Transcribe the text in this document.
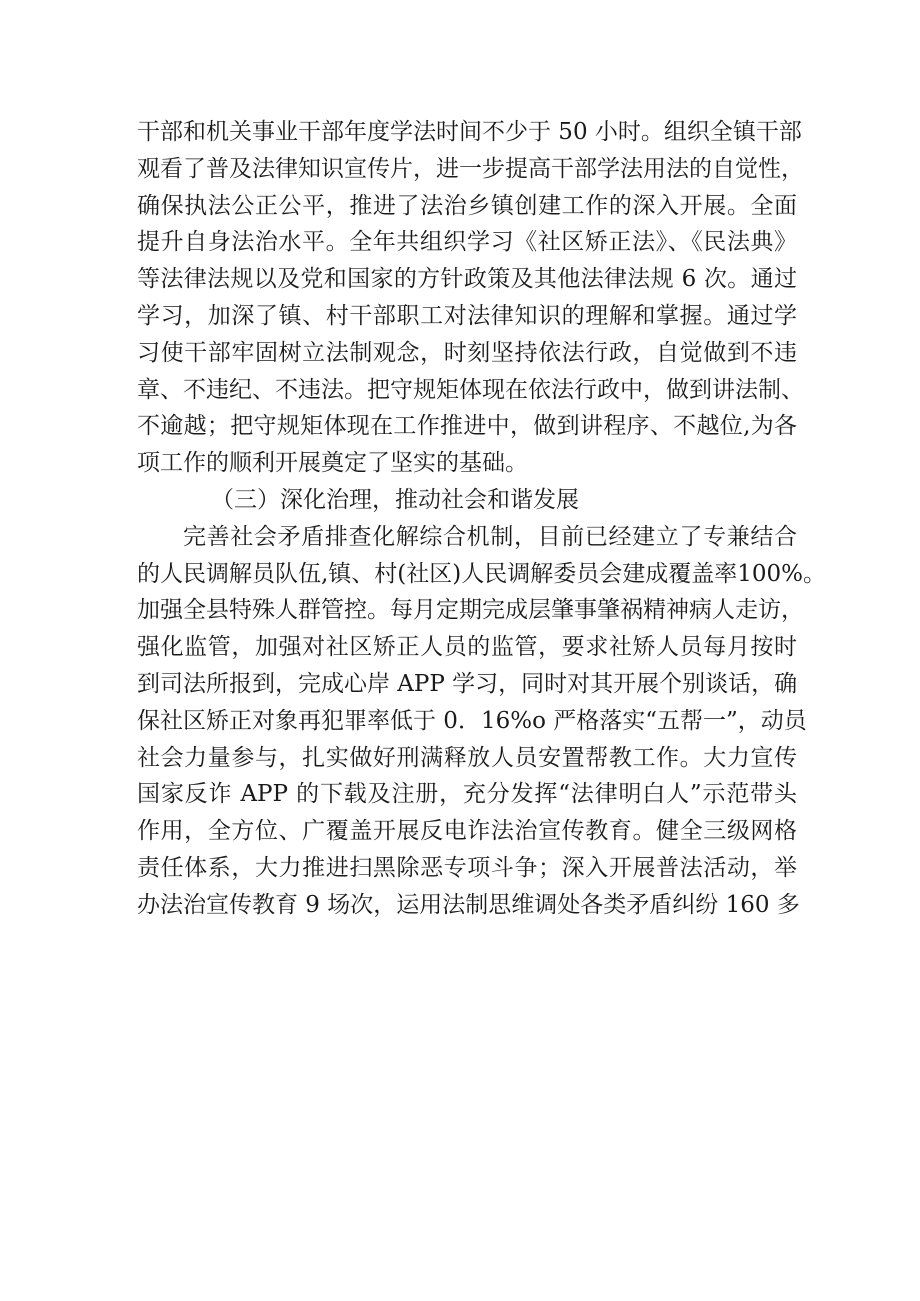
干部和机关事业干部年度学法时间不少于 50 小时。组织全镇干部
观看了普及法律知识宣传片，进一步提高干部学法用法的自觉性，
确保执法公正公平，推进了法治乡镇创建工作的深入开展。全面
提升自身法治水平。全年共组织学习《社区矫正法》、《民法典》
等法律法规以及党和国家的方针政策及其他法律法规 6 次。通过
学习，加深了镇、村干部职工对法律知识的理解和掌握。通过学
习使干部牢固树立法制观念，时刻坚持依法行政，自觉做到不违
章、不违纪、不违法。把守规矩体现在依法行政中，做到讲法制、
不逾越；把守规矩体现在工作推进中，做到讲程序、不越位,为各
项工作的顺利开展奠定了坚实的基础。
（三）深化治理，推动社会和谐发展
完善社会矛盾排查化解综合机制，目前已经建立了专兼结合
的人民调解员队伍,镇、村(社区)人民调解委员会建成覆盖率100%。
加强全县特殊人群管控。每月定期完成层肇事肇祸精神病人走访，
强化监管，加强对社区矫正人员的监管，要求社矫人员每月按时
到司法所报到，完成心岸 APP 学习，同时对其开展个别谈话，确
保社区矫正对象再犯罪率低于 0．16%o 严格落实“五帮一”，动员
社会力量参与，扎实做好刑满释放人员安置帮教工作。大力宣传
国家反诈 APP 的下载及注册，充分发挥“法律明白人”示范带头
作用，全方位、广覆盖开展反电诈法治宣传教育。健全三级网格
责任体系，大力推进扫黑除恶专项斗争；深入开展普法活动，举
办法治宣传教育 9 场次，运用法制思维调处各类矛盾纠纷 160 多
